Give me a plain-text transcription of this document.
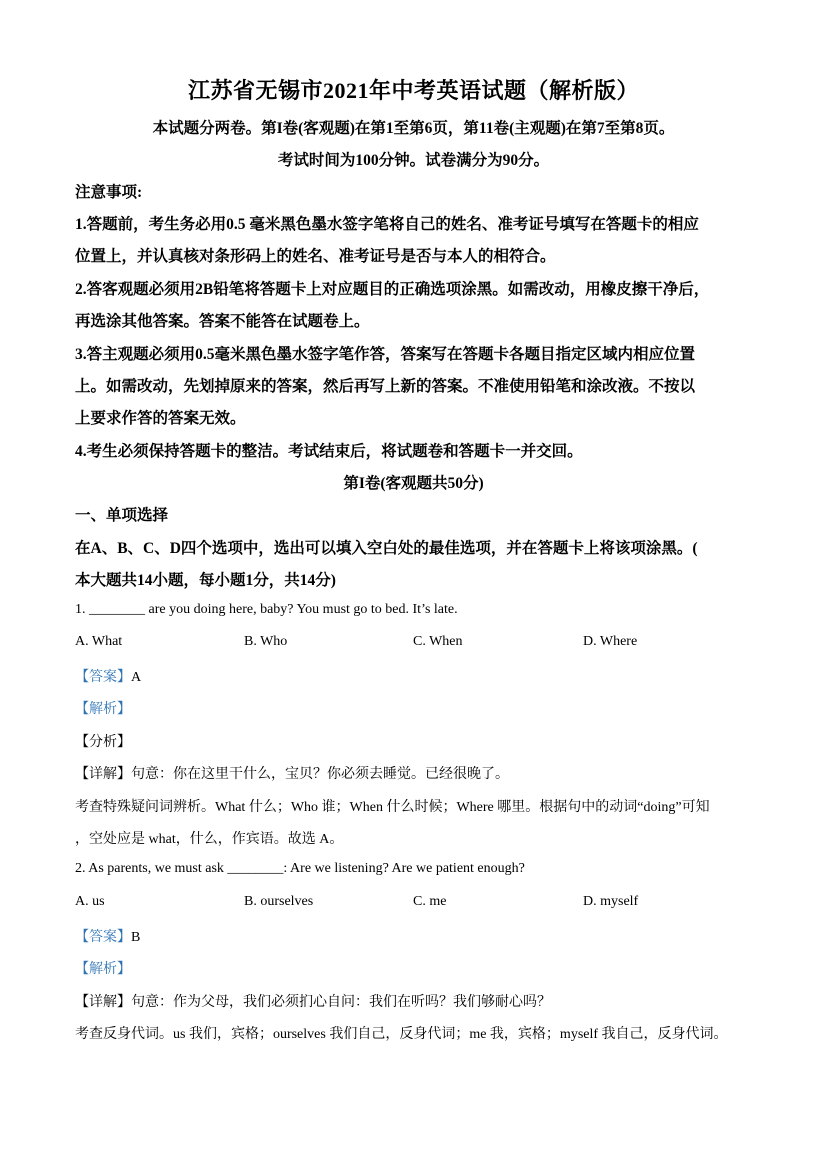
江苏省无锡市2021年中考英语试题（解析版）
本试题分两卷。第I卷(客观题)在第1至第6页，第11卷(主观题)在第7至第8页。
考试时间为100分钟。试卷满分为90分。
注意事项:
1.答题前，考生务必用0.5 毫米黑色墨水签字笔将自己的姓名、准考证号填写在答题卡的相应
位置上，并认真核对条形码上的姓名、准考证号是否与本人的相符合。
2.答客观题必须用2B铅笔将答题卡上对应题目的正确选项涂黑。如需改动，用橡皮擦干净后，
再选涂其他答案。答案不能答在试题卷上。
3.答主观题必须用0.5毫米黑色墨水签字笔作答，答案写在答题卡各题目指定区域内相应位置
上。如需改动，先划掉原来的答案，然后再写上新的答案。不准使用铅笔和涂改液。不按以
上要求作答的答案无效。
4.考生必须保持答题卡的整洁。考试结束后，将试题卷和答题卡一并交回。
第I卷(客观题共50分)
一、单项选择
在A、B、C、D四个选项中，选出可以填入空白处的最佳选项，并在答题卡上将该项涂黑。(
本大题共14小题，每小题1分，共14分)
1. ________ are you doing here, baby? You must go to bed. It’s late.
A. What	B. Who	C. When	D. Where
【答案】A
【解析】
【分析】
【详解】句意：你在这里干什么，宝贝？你必须去睡觉。已经很晚了。
考查特殊疑问词辨析。What 什么；Who 谁；When 什么时候；Where 哪里。根据句中的动词“doing”可知
，空处应是 what，什么，作宾语。故选 A。
2. As parents, we must ask ________: Are we listening? Are we patient enough?
A. us	B. ourselves	C. me	D. myself
【答案】B
【解析】
【详解】句意：作为父母，我们必须扪心自问：我们在听吗？我们够耐心吗？
考查反身代词。us 我们，宾格；ourselves 我们自己，反身代词；me 我，宾格；myself 我自己，反身代词。
